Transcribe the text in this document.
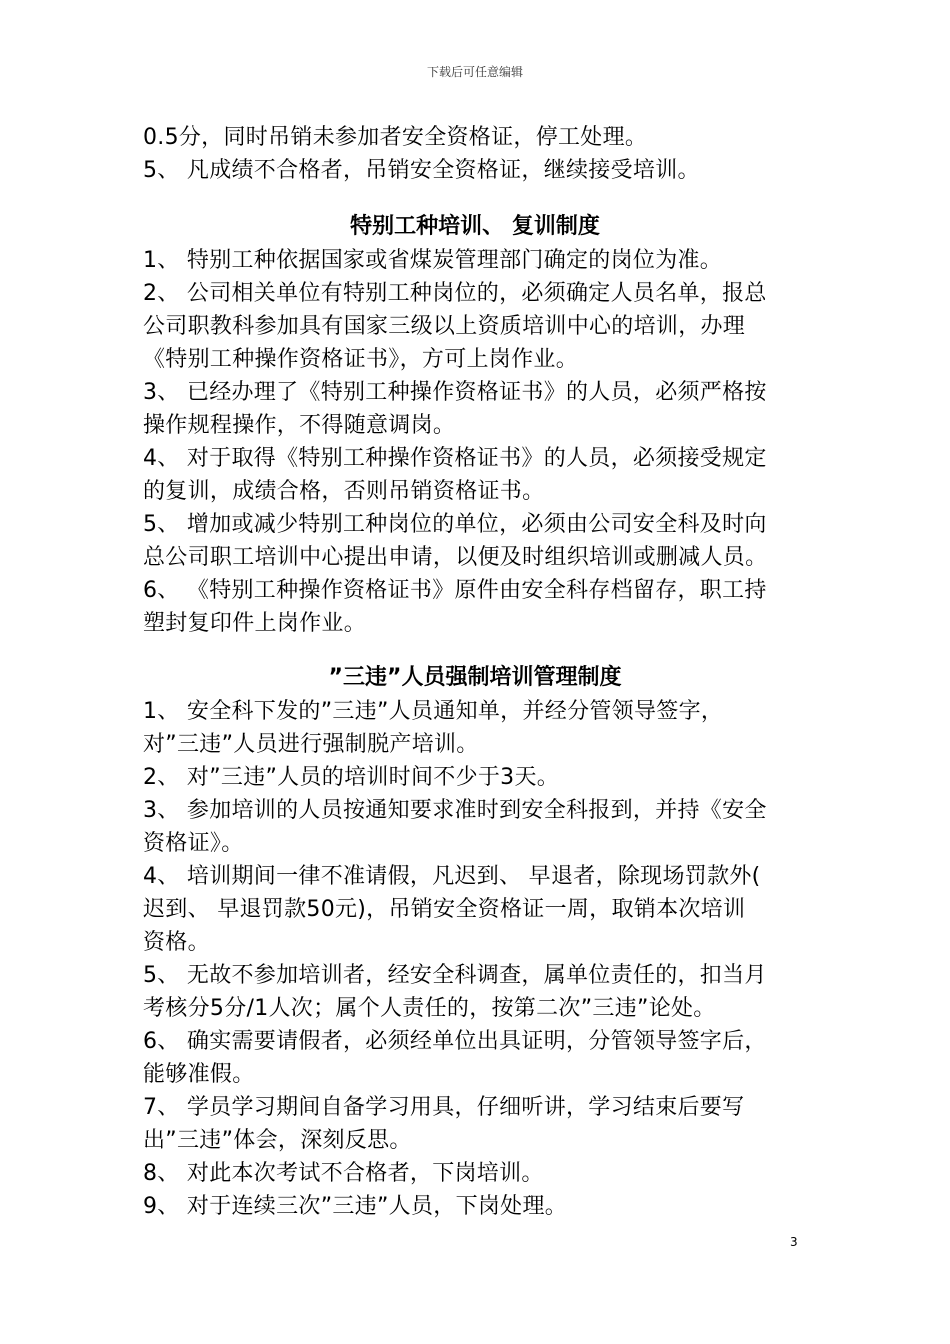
下载后可任意编辑
0.5分，同时吊销未参加者安全资格证，停工处理。
5、 凡成绩不合格者，吊销安全资格证，继续接受培训。
特别工种培训、 复训制度
1、 特别工种依据国家或省煤炭管理部门确定的岗位为准。
2、 公司相关单位有特别工种岗位的，必须确定人员名单，报总
公司职教科参加具有国家三级以上资质培训中心的培训，办理
《特别工种操作资格证书》，方可上岗作业。
3、 已经办理了《特别工种操作资格证书》的人员，必须严格按
操作规程操作，不得随意调岗。
4、 对于取得《特别工种操作资格证书》的人员，必须接受规定
的复训，成绩合格，否则吊销资格证书。
5、 增加或减少特别工种岗位的单位，必须由公司安全科及时向
总公司职工培训中心提出申请，以便及时组织培训或删减人员。
6、 《特别工种操作资格证书》原件由安全科存档留存，职工持
塑封复印件上岗作业。
”三违”人员强制培训管理制度
1、 安全科下发的”三违”人员通知单，并经分管领导签字，
对”三违”人员进行强制脱产培训。
2、 对”三违”人员的培训时间不少于3天。
3、 参加培训的人员按通知要求准时到安全科报到，并持《安全
资格证》。
4、 培训期间一律不准请假，凡迟到、 早退者，除现场罚款外(
迟到、 早退罚款50元)，吊销安全资格证一周，取销本次培训
资格。
5、 无故不参加培训者，经安全科调查，属单位责任的，扣当月
考核分5分/1人次；属个人责任的，按第二次”三违”论处。
6、 确实需要请假者，必须经单位出具证明，分管领导签字后，
能够准假。
7、 学员学习期间自备学习用具，仔细听讲，学习结束后要写
出”三违”体会，深刻反思。
8、 对此本次考试不合格者，下岗培训。
9、 对于连续三次”三违”人员，下岗处理。
3
